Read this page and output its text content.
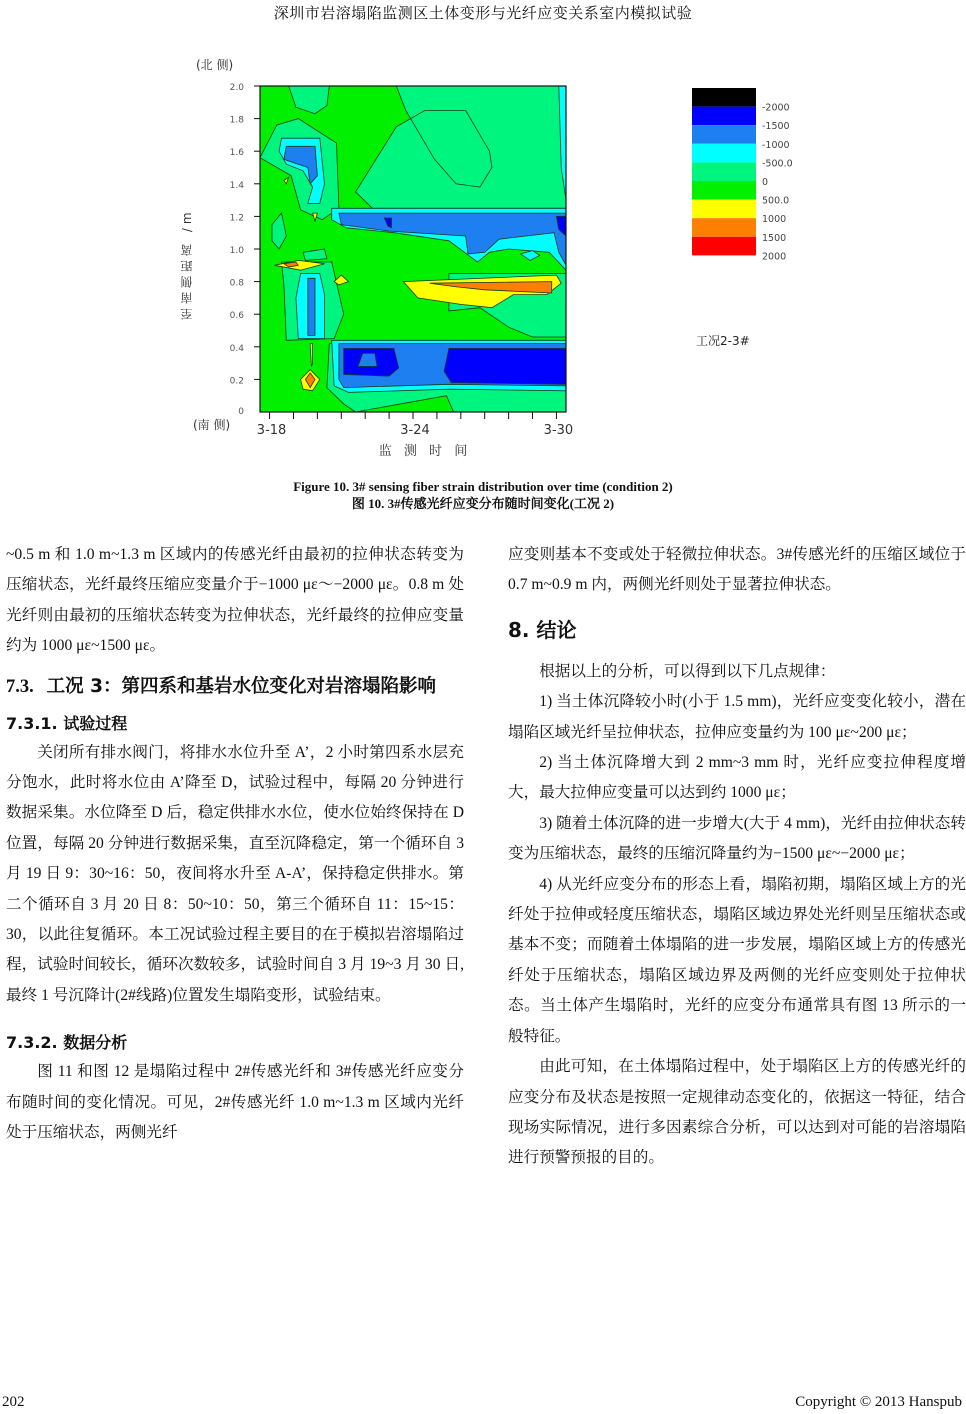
深圳市岩溶塌陷监测区土体变形与光纤应变关系室内模拟试验
0
0.2
0.4
0.6
0.8
1.0
1.2
1.4
1.6
1.8
2.0
3-18	3-24	3-30
-2000
-1500
-1000
-500.0
0
500.0
1000
1500
2000
(北 侧)
(南 侧)
至南侧距离 /m
监 测 时 间
工况2-3#
Figure 10. 3# sensing fiber strain distribution over time (condition 2)
图 10. 3#传感光纤应变分布随时间变化(工况 2)

~0.5 m 和 1.0 m~1.3 m 区域内的传感光纤由最初的拉伸状态转变为压缩状态，光纤最终压缩应变量介于−1000 με～−2000 με。0.8 m 处光纤则由最初的压缩状态转变为拉伸状态，光纤最终的拉伸应变量约为 1000 με~1500 με。

7.3. 工况 3：第四系和基岩水位变化对岩溶塌陷影响
7.3.1. 试验过程

关闭所有排水阀门，将排水水位升至 A’，2 小时第四系水层充分饱水，此时将水位由 A’降至 D，试验过程中，每隔 20 分钟进行数据采集。水位降至 D 后，稳定供排水水位，使水位始终保持在 D 位置，每隔 20 分钟进行数据采集，直至沉降稳定，第一个循环自 3 月 19 日 9：30~16：50，夜间将水升至 A-A’，保持稳定供排水。第二个循环自 3 月 20 日 8：50~10：50，第三个循环自 11：15~15：30，以此往复循环。本工况试验过程主要目的在于模拟岩溶塌陷过程，试验时间较长，循环次数较多，试验时间自 3 月 19~3 月 30 日,最终 1 号沉降计(2#线路)位置发生塌陷变形，试验结束。

7.3.2. 数据分析

图 11 和图 12 是塌陷过程中 2#传感光纤和 3#传感光纤应变分布随时间的变化情况。可见，2#传感光纤 1.0 m~1.3 m 区域内光纤处于压缩状态，两侧光纤

应变则基本不变或处于轻微拉伸状态。3#传感光纤的压缩区域位于 0.7 m~0.9 m 内，两侧光纤则处于显著拉伸状态。

8. 结论

根据以上的分析，可以得到以下几点规律：

1) 当土体沉降较小时(小于 1.5 mm)，光纤应变变化较小，潜在塌陷区域光纤呈拉伸状态，拉伸应变量约为 100 με~200 με；

2) 当土体沉降增大到 2 mm~3 mm 时，光纤应变拉伸程度增大，最大拉伸应变量可以达到约 1000 με；

3) 随着土体沉降的进一步增大(大于 4 mm)，光纤由拉伸状态转变为压缩状态，最终的压缩沉降量约为−1500 με~−2000 με；

4) 从光纤应变分布的形态上看，塌陷初期，塌陷区域上方的光纤处于拉伸或轻度压缩状态，塌陷区域边界处光纤则呈压缩状态或基本不变；而随着土体塌陷的进一步发展，塌陷区域上方的传感光纤处于压缩状态，塌陷区域边界及两侧的光纤应变则处于拉伸状态。当土体产生塌陷时，光纤的应变分布通常具有图 13 所示的一般特征。

由此可知，在土体塌陷过程中，处于塌陷区上方的传感光纤的应变分布及状态是按照一定规律动态变化的，依据这一特征，结合现场实际情况，进行多因素综合分析，可以达到对可能的岩溶塌陷进行预警预报的目的。

202	Copyright © 2013 Hanspub
